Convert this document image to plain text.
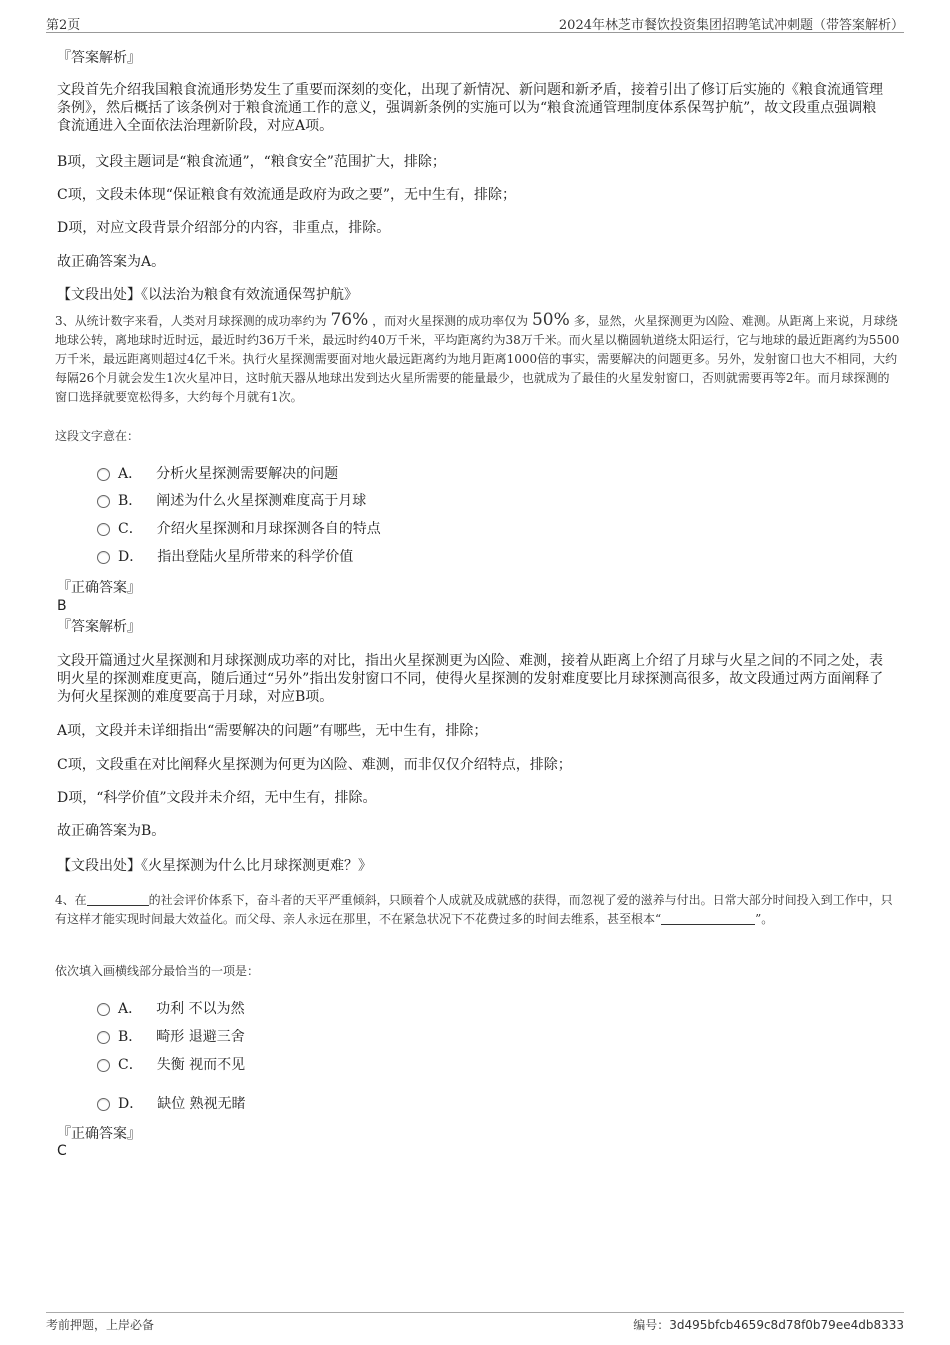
第2页	2024年林芝市餐饮投资集团招聘笔试冲刺题（带答案解析）
『答案解析』
文段首先介绍我国粮食流通形势发生了重要而深刻的变化，出现了新情况、新问题和新矛盾，接着引出了修订后实施的《粮食流通管理条例》，然后概括了该条例对于粮食流通工作的意义，强调新条例的实施可以为“粮食流通管理制度体系保驾护航”，故文段重点强调粮食流通进入全面依法治理新阶段，对应A项。
B项，文段主题词是“粮食流通”，“粮食安全”范围扩大，排除；
C项，文段未体现“保证粮食有效流通是政府为政之要”，无中生有，排除；
D项，对应文段背景介绍部分的内容，非重点，排除。
故正确答案为A。
【文段出处】《以法治为粮食有效流通保驾护航》
3、从统计数字来看，人类对月球探测的成功率约为 76% ，而对火星探测的成功率仅为 50% 多，显然，火星探测更为凶险、难测。从距离上来说，月球绕地球公转，离地球时近时远，最近时约36万千米，最远时约40万千米，平均距离约为38万千米。而火星以椭圆轨道绕太阳运行，它与地球的最近距离约为5500万千米，最远距离则超过4亿千米。执行火星探测需要面对地火最远距离约为地月距离1000倍的事实，需要解决的问题更多。另外，发射窗口也大不相同，大约每隔26个月就会发生1次火星冲日，这时航天器从地球出发到达火星所需要的能量最少，也就成为了最佳的火星发射窗口，否则就需要再等2年。而月球探测的窗口选择就要宽松得多，大约每个月就有1次。
这段文字意在：
A． 分析火星探测需要解决的问题
B． 阐述为什么火星探测难度高于月球
C． 介绍火星探测和月球探测各自的特点
D． 指出登陆火星所带来的科学价值
『正确答案』
B
『答案解析』
文段开篇通过火星探测和月球探测成功率的对比，指出火星探测更为凶险、难测，接着从距离上介绍了月球与火星之间的不同之处，表明火星的探测难度更高，随后通过“另外”指出发射窗口不同，使得火星探测的发射难度要比月球探测高很多，故文段通过两方面阐释了为何火星探测的难度要高于月球，对应B项。
A项，文段并未详细指出“需要解决的问题”有哪些，无中生有，排除；
C项，文段重在对比阐释火星探测为何更为凶险、难测，而非仅仅介绍特点，排除；
D项，“科学价值”文段并未介绍，无中生有，排除。
故正确答案为B。
【文段出处】《火星探测为什么比月球探测更难？》
4、在	的社会评价体系下，奋斗者的天平严重倾斜，只顾着个人成就及成就感的获得，而忽视了爱的滋养与付出。日常大部分时间投入到工作中，只有这样才能实现时间最大效益化。而父母、亲人永远在那里，不在紧急状况下不花费过多的时间去维系，甚至根本“	”。
依次填入画横线部分最恰当的一项是：
A． 功利 不以为然
B． 畸形 退避三舍
C． 失衡 视而不见
D． 缺位 熟视无睹
『正确答案』
C
考前押题，上岸必备	编号：3d495bfcb4659c8d78f0b79ee4db8333
